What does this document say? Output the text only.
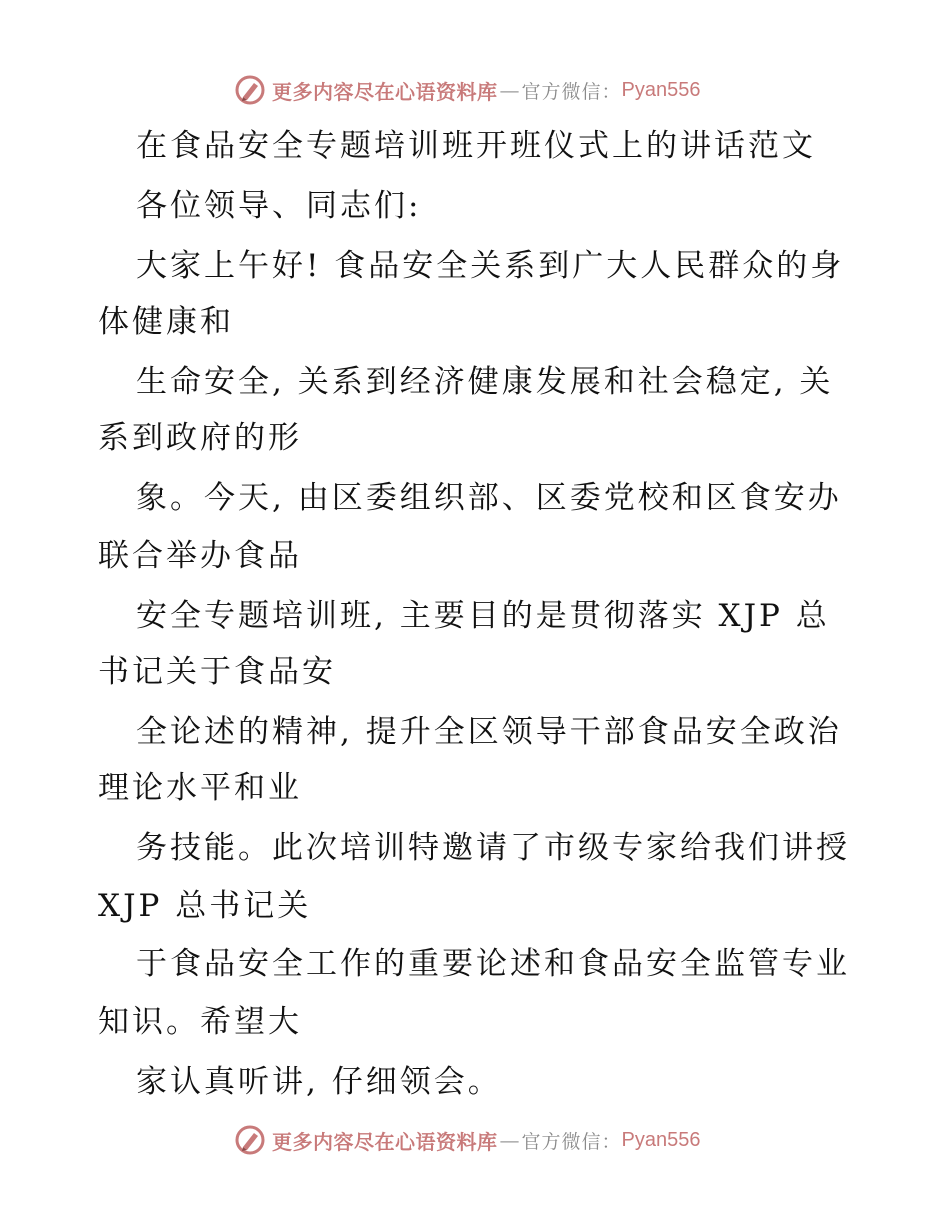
更多内容尽在心语资料库 — 官方微信： Pyan556
在食品安全专题培训班开班仪式上的讲话范文
各位领导、同志们:
大家上午好! 食品安全关系到广大人民群众的身
体健康和
生命安全, 关系到经济健康发展和社会稳定, 关
系到政府的形
象。今天, 由区委组织部、区委党校和区食安办
联合举办食品
安全专题培训班, 主要目的是贯彻落实 XJP 总
书记关于食品安
全论述的精神, 提升全区领导干部食品安全政治
理论水平和业
务技能。此次培训特邀请了市级专家给我们讲授
XJP 总书记关
于食品安全工作的重要论述和食品安全监管专业
知识。希望大
家认真听讲, 仔细领会。
更多内容尽在心语资料库 — 官方微信： Pyan556
